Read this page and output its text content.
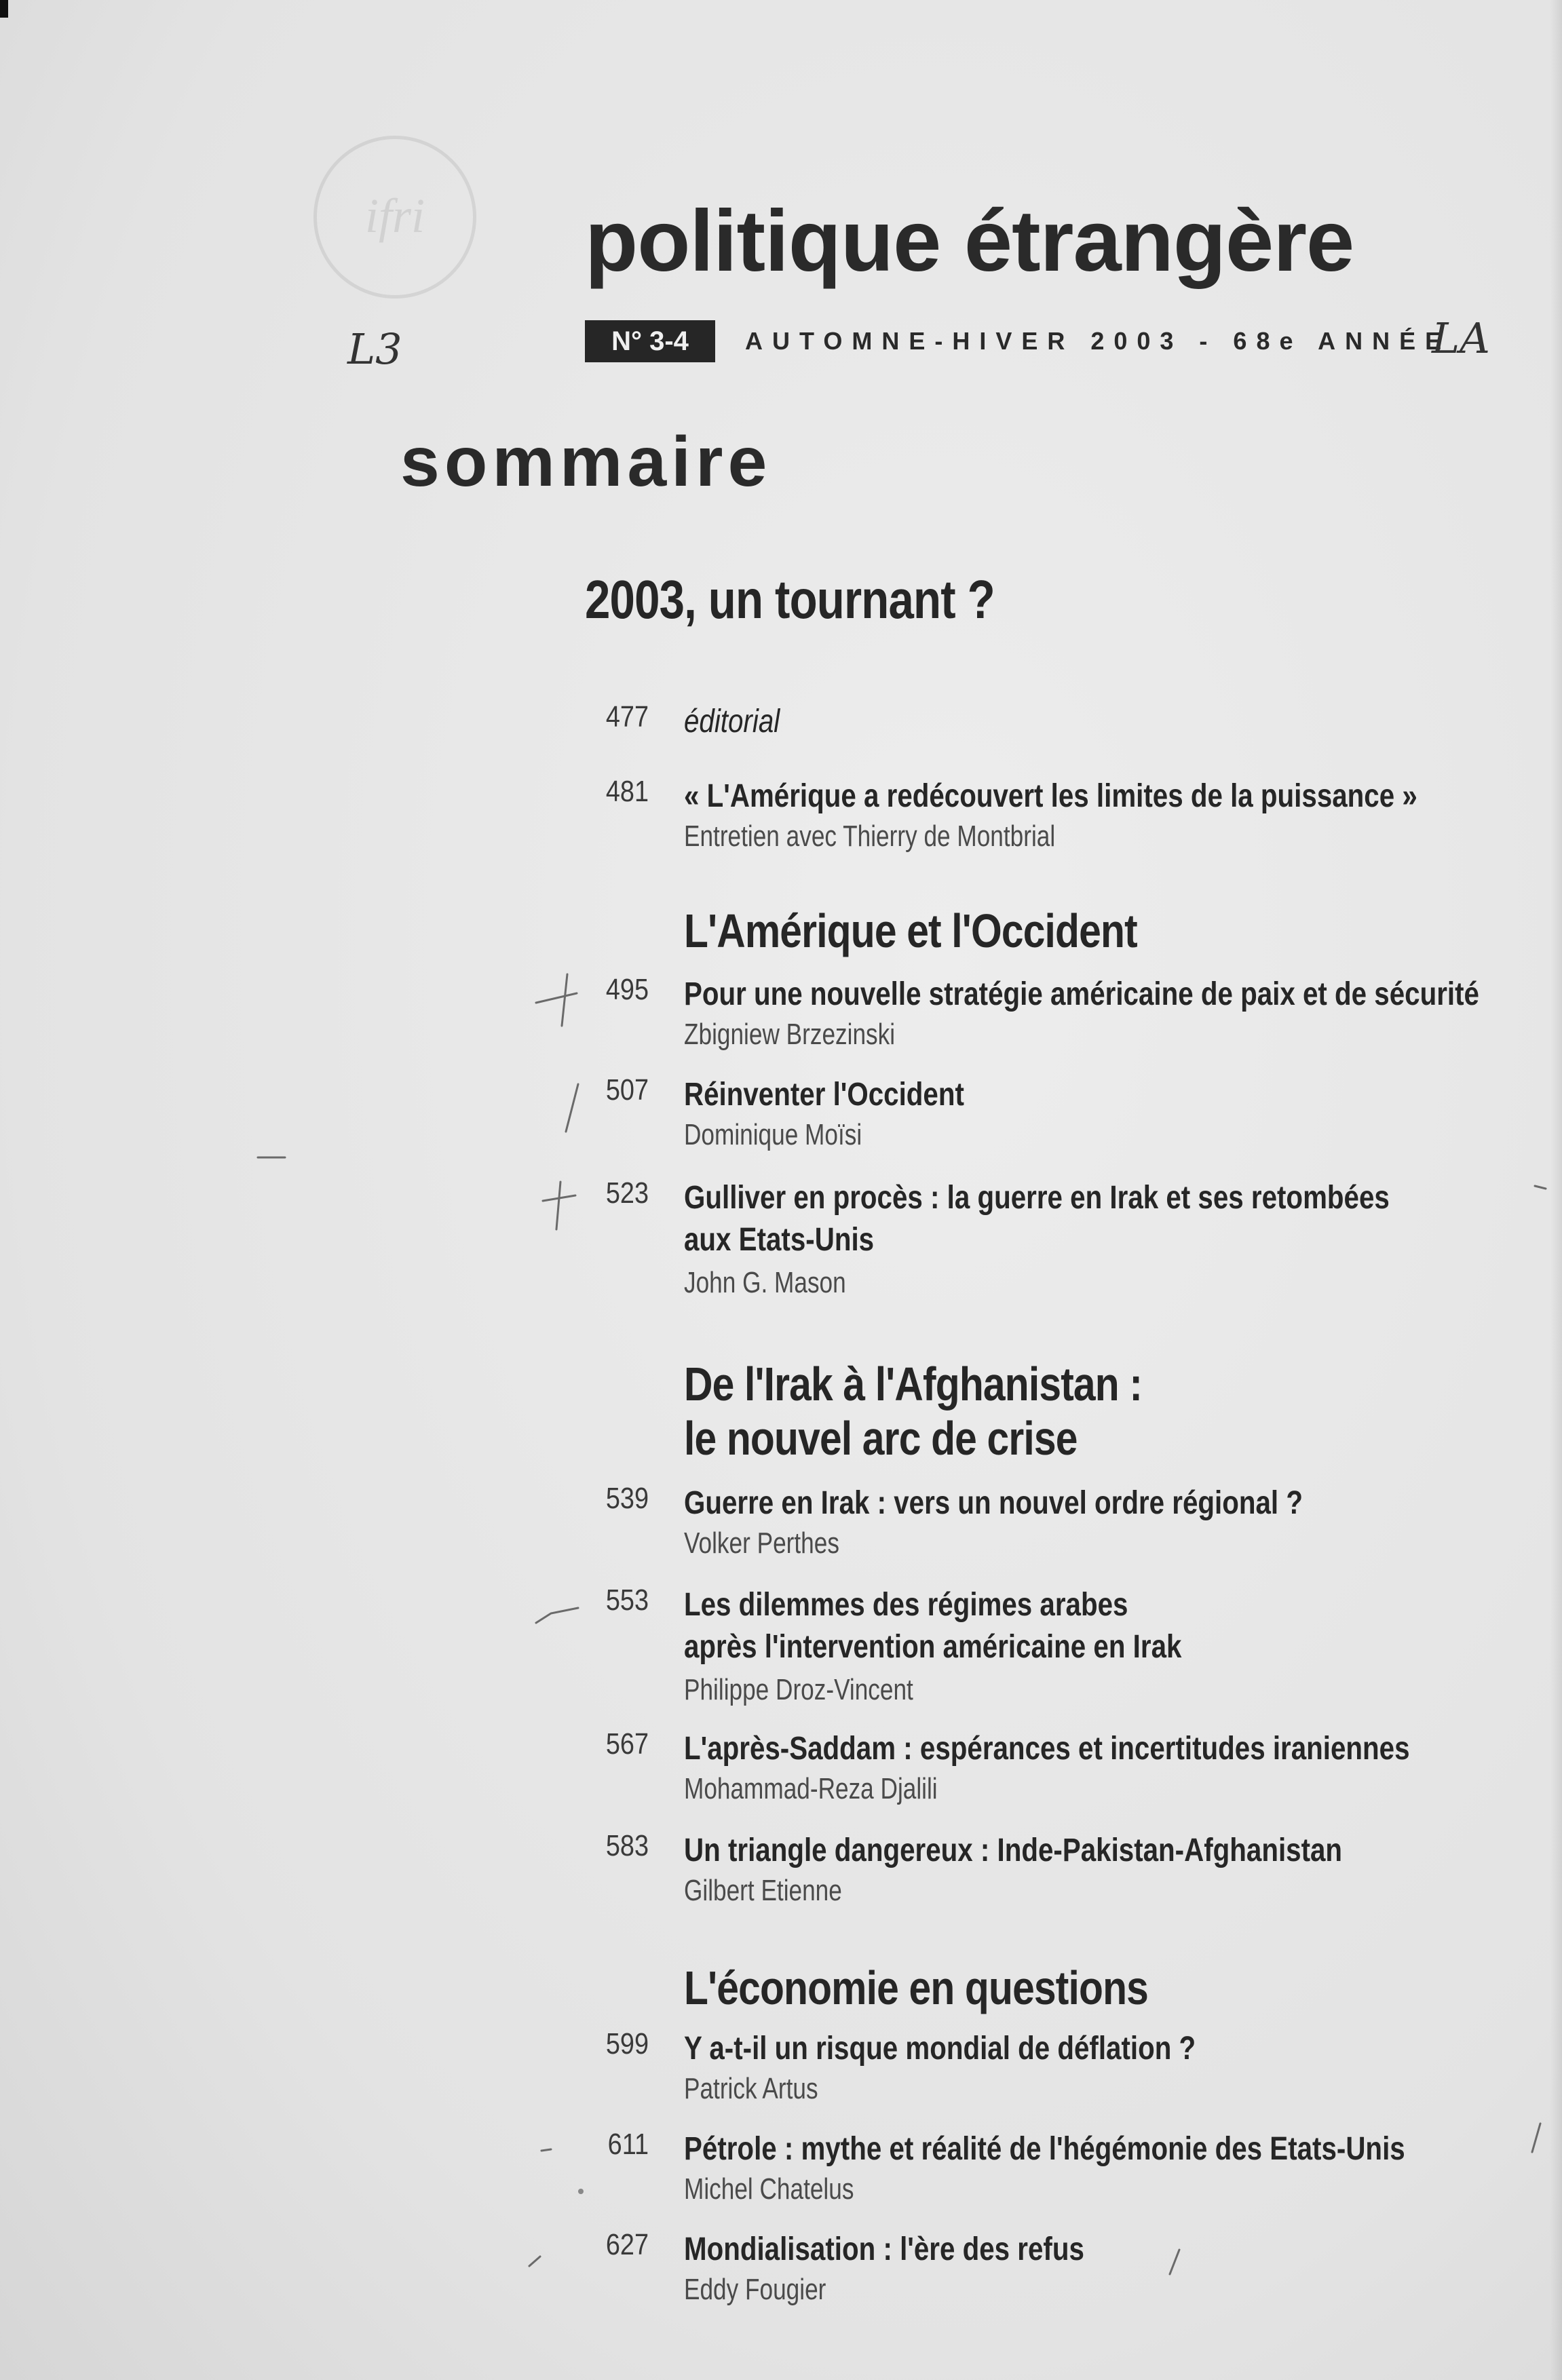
ifri	politique étrangère
N° 3-4	AUTOMNE-HIVER 2003 - 68e ANNÉE
L3	LA
sommaire
2003, un tournant ?
477 éditorial
481 « L'Amérique a redécouvert les limites de la puissance »
Entretien avec Thierry de Montbrial
L'Amérique et l'Occident
495 Pour une nouvelle stratégie américaine de paix et de sécurité
Zbigniew Brzezinski
507 Réinventer l'Occident
Dominique Moïsi
523 Gulliver en procès : la guerre en Irak et ses retombées
aux Etats-Unis
John G. Mason
De l'Irak à l'Afghanistan :
le nouvel arc de crise
539 Guerre en Irak : vers un nouvel ordre régional ?
Volker Perthes
553 Les dilemmes des régimes arabes
après l'intervention américaine en Irak
Philippe Droz-Vincent
567 L'après-Saddam : espérances et incertitudes iraniennes
Mohammad-Reza Djalili
583 Un triangle dangereux : Inde-Pakistan-Afghanistan
Gilbert Etienne
L'économie en questions
599 Y a-t-il un risque mondial de déflation ?
Patrick Artus
611 Pétrole : mythe et réalité de l'hégémonie des Etats-Unis
Michel Chatelus
627 Mondialisation : l'ère des refus
Eddy Fougier
